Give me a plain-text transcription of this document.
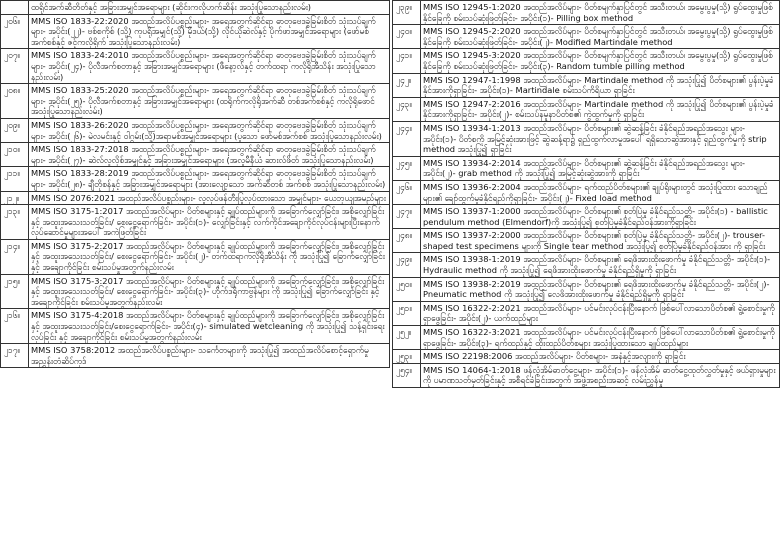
	ထရိုင်အက်ဆီတိတ်နှင့် အခြားအမျှင်အရောများ (ဆိုင်းကလိုဟက်ဆိန်း အသုံးပြုသောနည်းလမ်း)
၂၀၆။	MMS ISO 1833-22:2020 အထည်အလိပ်ပစ္စည်းများ- အရေအတွက်ဆိုင်ရာ ဓာတုဗေဒခွဲခြမ်းစိတ် သုံးသပ်ချက်များ- အပိုင်း(၂၂)- ဗစ်စကိုစ် (သို့) ကုပရိုအမျှင်(သို့) မိုဒယ်(သို့) လိုင်ယိုဆဲလ်နှင့် ပိုက်ဖာအမျှင်အရောများ (ဖော်မစ်အက်စစ်နှင့် ဇင့်ကလိုရိုက် အသုံးပြုသောနည်းလမ်း)
၂၀၇။	MMS ISO 1833-24:2010 အထည်အလိပ်ပစ္စည်းများ- အရေအတွက်ဆိုင်ရာ ဓာတုဗေဒခွဲခြမ်းစိတ် သုံးသပ်ချက်များ- အပိုင်း(၂၄)- ပိုလီအက်စတာနှင့် အခြားအမျှင်အရောများ (ဖီနော့လ်နှင့် တက်ထရာ ကလိုရိုအီသိန်း အသုံးပြုသောနည်းလမ်း)
၂၀၈။	MMS ISO 1833-25:2020 အထည်အလိပ်ပစ္စည်းများ- အရေအတွက်ဆိုင်ရာ ဓာတုဗေဒခွဲခြမ်းစိတ် သုံးသပ်ချက်များ- အပိုင်း(၂၅)- ပိုလီအက်စတာနှင့် အခြားအမျှင်အရောများ (ထရိုက်ကလိုရိုအက်ဆီ တစ်အက်စစ်နှင့် ကလိုရိုဖောင် အသုံးပြုသောနည်းလမ်း)
၂၀၉။	MMS ISO 1833-26:2020 အထည်အလိပ်ပစ္စည်းများ- အရေအတွက်ဆိုင်ရာ ဓာတုဗေဒခွဲခြမ်းစိတ် သုံးသပ်ချက်များ- အပိုင်း(၂၆)- မဲလမင်းနှင့် ဝါဂွမ်း(သို့)အရာမစ်အမျှင်အရောများ (ပူသော ဖော်မစ်အက်စစ် အသုံးပြုသောနည်းလမ်း)
၂၁၀။	MMS ISO 1833-27:2018 အထည်အလိပ်ပစ္စည်းများ- အရေအတွက်ဆိုင်ရာ ဓာတုဗေဒခွဲခြမ်းစိတ် သုံးသပ်ချက်များ- အပိုင်း(၂၇)- ဆဲလ်လူလိုစ်အမျှင်နှင့် အခြားအမျှင်အရောများ (အလူမီနီယံ ဆားလ်ဖိတ် အသုံးပြုသောနည်းလမ်း)
၂၁၁။	MMS ISO 1833-28:2019 အထည်အလိပ်ပစ္စည်းများ- အရေအတွက်ဆိုင်ရာ ဓာတုဗေဒခွဲခြမ်းစိတ် သုံးသပ်ချက်များ- အပိုင်း(၂၈)- ချီတိုစန်နှင့် အခြားအမျှင်အရောများ (အားလျော့သော အက်ဆီတစ် အက်စစ် အသုံးပြုသောနည်းလမ်း)
၂၁၂။	MMS ISO 2076:2021 အထည်အလိပ်ပစ္စည်းများ- လူလုပ်ဖန်တီးပြုလုပ်ထားသော အမျှင်များ- ယေဘုယျအမည်များ
၂၁၃။	MMS ISO 3175-1:2017 အထည်အလိပ်များ- ပိတ်စများနှင့် ချုပ်ထည်များကို အခြောက်လျှော်ခြင်း၊ အစိုလျှော်ခြင်းနှင့် အထူးအသေးသတ်ခြင်း/ စေးငွေရောက်ခြင်း- အပိုင်း(၁)- လျှော်ခြင်းနှင့် လက်ကိုင်အချောကိုင်လုပ်ငန်းများပြီးနောက် လုပ်ဆောင်မှုများအပေါ် အကဲဖြတ်ခြင်း
၂၁၄။	MMS ISO 3175-2:2017 အထည်အလိပ်များ- ပိတ်စများနှင့် ချုပ်ထည်များကို အခြောက်လျှော်ခြင်း၊ အစိုလျှော်ခြင်းနှင့် အထူးအသေးသတ်ခြင်း/ စေးငွေရောက်ခြင်း- အပိုင်း(၂)- တက်ထရာကလိုရိုအီသိန်း ကို အသုံးပြု၍ ခြောက်လျှော်ခြင်း နှင့် အချောကိုင်ခြင်း စမ်းသပ်မှုအတွက်နည်းလမ်း
၂၁၅။	MMS ISO 3175-3:2017 အထည်အလိပ်များ- ပိတ်စများနှင့် ချုပ်ထည်များကို အခြောက်လျှော်ခြင်း၊ အစိုလျှော်ခြင်းနှင့် အထူးအသေးသတ်ခြင်း/ စေးငွေရောက်ခြင်း- အပိုင်း(၃)- ဟိုက်ဒရိုကာဗွန်များ ကို အသုံးပြု၍ ခြောက်လျှော်ခြင်း နှင့် အချောကိုင်ခြင်း စမ်းသပ်မှုအတွက်နည်းလမ်း
၂၁၆။	MMS ISO 3175-4:2018 အထည်အလိပ်များ- ပိတ်စများနှင့် ချုပ်ထည်များကို အခြောက်လျှော်ခြင်း၊ အစိုလျှော်ခြင်းနှင့် အထူးအသေးသတ်ခြင်း/စေးငွေရောက်ခြင်း- အပိုင်း(၄)- simulated wetcleaning ကို အသုံးပြု၍ သန့်ရှင်းရေးလုပ်ခြင်း နှင့် အချောကိုင်ခြင်း စမ်းသပ်မှုအတွက်နည်းလမ်း
၂၁၇။	MMS ISO 3758:2012 အထည်အလိပ်ပစ္စည်းများ- သင်္ကေတများကို အသုံးပြု၍ အထည်အလိပ်စောင့်ရှောက်မှု အညွှန်းတံဆိပ်ကုဒ်
၂၃၉။	MMS ISO 12945-1:2020 အထည်အလိပ်များ- ပိတ်စမျက်နှာပြင်တွင် အသီးတယ်၊ အမွေးပွမှု(သို့) ရွပ်ထွေးမှုဖြစ်နိုင်ခြေကို စမ်းသပ်ဆုံးဖြတ်ခြင်း- အပိုင်း(၁)- Pilling box method
၂၄၀။	MMS ISO 12945-2:2020 အထည်အလိပ်များ- ပိတ်စမျက်နှာပြင်တွင် အသီးတယ်၊ အမွေးပွမှု(သို့) ရွပ်ထွေးမှုဖြစ်နိုင်ခြေကို စမ်းသပ်ဆုံးဖြတ်ခြင်း- အပိုင်း(၂)- Modified Martindale method
၂၄၁။	MMS ISO 12945-3:2020 အထည်အလိပ်များ- ပိတ်စမျက်နှာပြင်တွင် အသီးတယ်၊ အမွေးပွမှု(သို့) ရွပ်ထွေးမှုဖြစ်နိုင်ခြေကို စမ်းသပ်ဆုံးဖြတ်ခြင်း- အပိုင်း(၃)- Random tumble pilling method
၂၄၂။	MMS ISO 12947-1:1998 အထည်အလိပ်များ- Martindale method ကို အသုံးပြု၍ ပိတ်စများ၏ ပွန်းပဲ့မှုခံနိုင်အားကိုရှာခြင်း- အပိုင်း(၁)- Martindale စမ်းသပ်ကိရိယာ ရှာခြင်း
၂၄၃။	MMS ISO 12947-2:2016 အထည်အလိပ်များ- Martindale method ကို အသုံးပြု၍ ပိတ်စများ၏ ပွန်းပဲ့မှုခံနိုင်အားကိုရှာခြင်း- အပိုင်း(၂)- စမ်းသပ်နမူနာပိတ်စ၏ ကွဲထွက်မှုကို ရှာခြင်း
၂၄၄။	MMS ISO 13934-1:2013 အထည်အလိပ်များ- ပိတ်စများ၏ ဆွဲဆန့်ခြင်း ခံနိုင်ရည်အရည်အသွေး များ- အပိုင်း(၁)- ပိတ်စကို အမြင့်ဆုံးအားဖြင့် ဆွဲဆန့်ရာ၌ ရှည်ထွက်လာမှုအပေါ် ရရှိသောဆွဲအားနှင့် ရှည်ထွက်မှုကို strip method အသုံးပြု၍ ရှာခြင်း
၂၄၅။	MMS ISO 13934-2:2014 အထည်အလိပ်များ- ပိတ်စများ၏ ဆွဲဆန့်ခြင်း ခံနိုင်ရည်အရည်အသွေး များ- အပိုင်း(၂)- grab method ကို အသုံးပြု၍ အမြင့်ဆုံးဆွဲအားကို ရှာခြင်း
၂၄၆။	MMS ISO 13936-2:2004 အထည်အလိပ်များ- ရက်ထည်ပိတ်စများ၏ ချုပ်ရိုးများတွင် အသုံးပြုထား သောချည်များ၏ ချော်ထွက်မှုခံနိုင်ရည်ကိုရှာခြင်း- အပိုင်း(၂)- Fixed load method
၂၄၇။	MMS ISO 13937-1:2000 အထည်အလိပ်များ- ပိတ်စများ၏ စုတ်ပြဲမှု ခံနိုင်ရည်သတ္တိ- အပိုင်း(၁) - ballistic pendulum method (Elmendorf)ကို အသုံးပြု၍ စုတ်ပြဲမှုခံနိုင်ရည်ဝန်အားကိုရှာခြင်း
၂၄၈။	MMS ISO 13937-2:2000 အထည်အလိပ်များ- ပိတ်စများ၏ စုတ်ပြဲမှု ခံနိုင်ရည်သတ္တိ- အပိုင်း(၂)- trouser-shaped test specimens များကို Single tear method အသုံးပြု၍ စုတ်ပြဲမှုခံနိုင်ရည်ဝန်အား ကို ရှာခြင်း
၂၄၉။	MMS ISO 13938-1:2019 အထည်အလိပ်များ- ပိတ်စများ၏ ရေဖိအားထိုးဖောက်မှု ခံနိုင်ရည်သတ္တိ- အပိုင်း(၁)- Hydraulic method ကို အသုံးပြု၍ ရေဖိအားထိုးဖောက်မှု ခံနိုင်ရည်ရှိမှုကို ရှာခြင်း
၂၅၀။	MMS ISO 13938-2:2019 အထည်အလိပ်များ- ပိတ်စများ၏ ရေဖိအားထိုးဖောက်မှု ခံနိုင်ရည်သတ္တိ- အပိုင်း(၂)- Pneumatic method ကို အသုံးပြု၍ လေဖိအားထိုးဖောက်မှု ခံနိုင်ရည်ရှိမှုကို ရှာခြင်း
၂၅၁။	MMS ISO 16322-2:2021 အထည်အလိပ်များ- ပင်မင်းလုပ်ငန်းပြီးနောက် ဖြစ်ပေါ်လာသောပိတ်စ၏ ရွဲ့စောင်းမှုကို ရှာဖွေခြင်း- အပိုင်း(၂)- ယက်ထည်များ
၂၅၂။	MMS ISO 16322-3:2021 အထည်အလိပ်များ- ပင်မင်းလုပ်ငန်းပြီးနောက် ဖြစ်ပေါ်လာသောပိတ်စ၏ ရွဲ့စောင်းမှုကို ရှာဖွေခြင်း- အပိုင်း(၃)- ရက်ထည်နှင့် ထိုးထည်ပိတ်စများ အသုံးပြုထားသော ချုပ်ထည်များ
၂၅၃။	MMS ISO 22198:2006 အထည်အလိပ်များ- ပိတ်စများ- အနံနှင့်အလျားကို ရှာခြင်း
၂၅၄။	MMS ISO 14064-1:2018 ဖန်လုံအိမ်ဓာတ်ငွေ့များ- အပိုင်း(၁)- ဖန်လုံအိမ် ဓာတ်ငွေ့ထုတ်လွှတ်မှုနှင့် ဖယ်ရှားမှုများကို ပမာဏသတ်မှတ်ခြင်းနှင့် အစီရင်ခံခြင်းအတွက် အဖွဲ့အစည်းအဆင့် လမ်းညွှန်မှု
